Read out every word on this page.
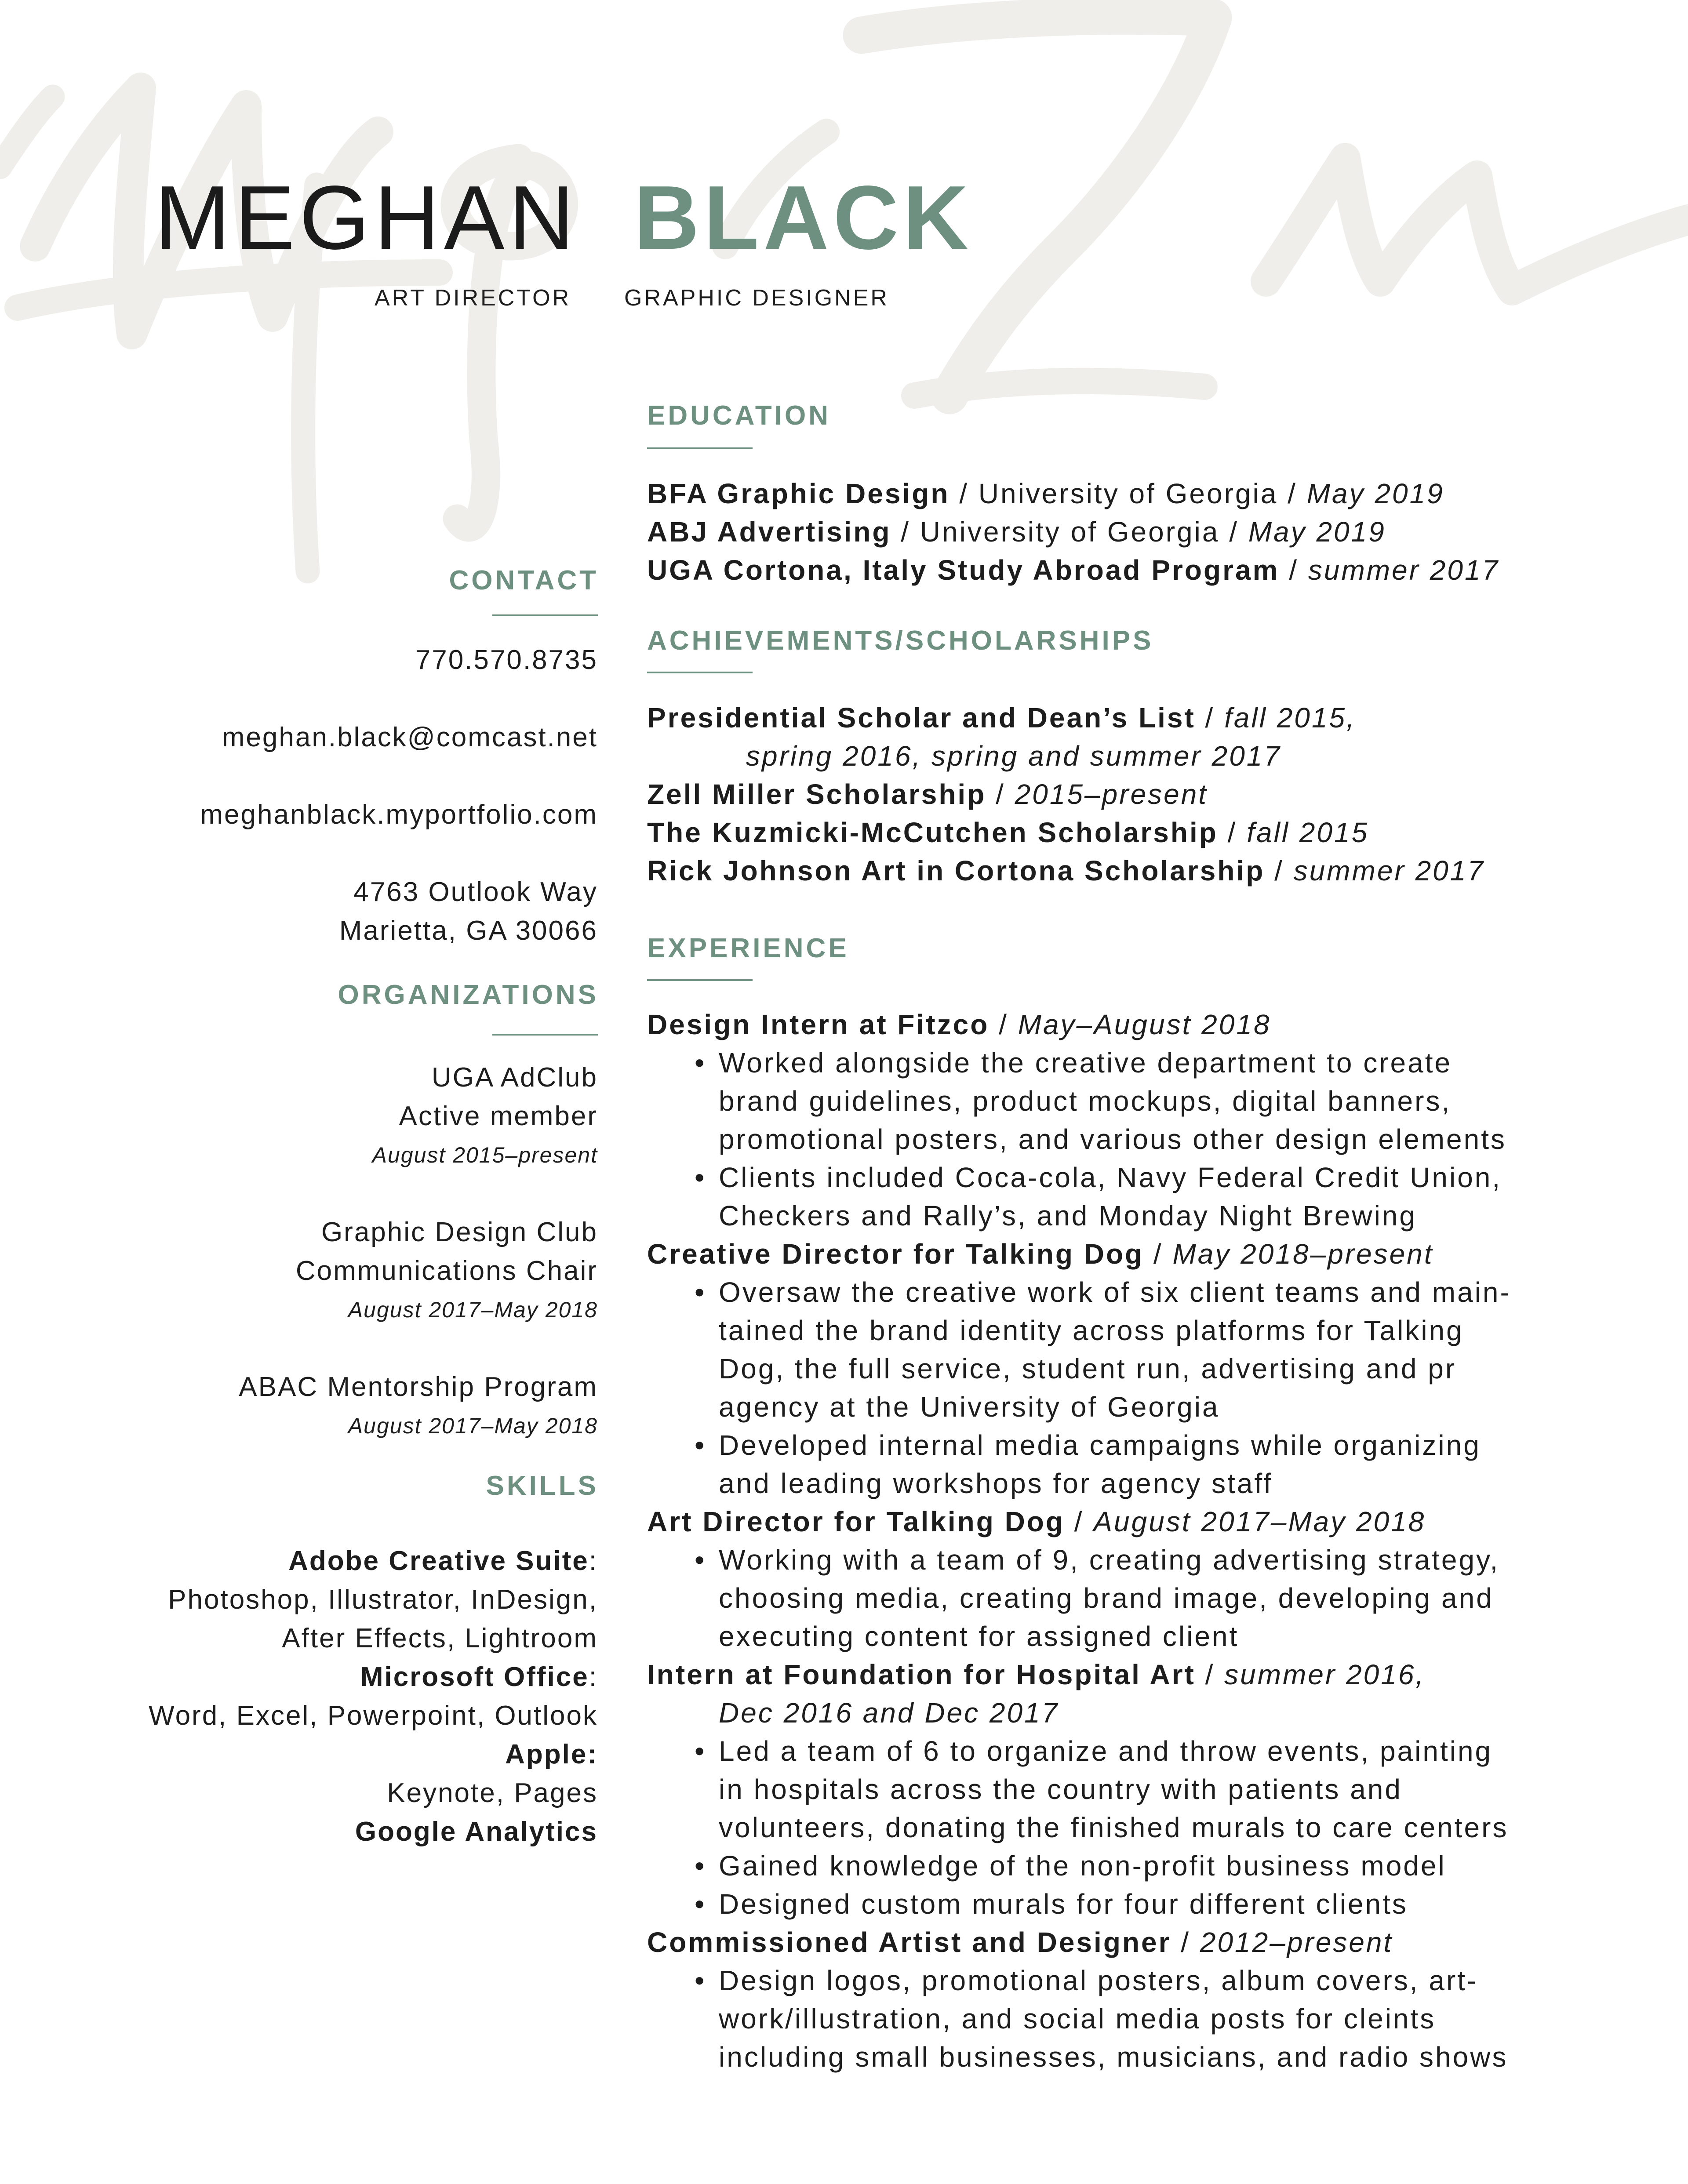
MEGHAN BLACK
ART DIRECTOR GRAPHIC DESIGNER
CONTACT
770.570.8735
meghan.black@comcast.net
meghanblack.myportfolio.com
4763 Outlook Way
Marietta, GA 30066
ORGANIZATIONS
UGA AdClub
Active member
August 2015–present
Graphic Design Club
Communications Chair
August 2017–May 2018
ABAC Mentorship Program
August 2017–May 2018
SKILLS
Adobe Creative Suite:
Photoshop, Illustrator, InDesign,
After Effects, Lightroom
Microsoft Office:
Word, Excel, Powerpoint, Outlook
Apple:
Keynote, Pages
Google Analytics
EDUCATION
BFA Graphic Design / University of Georgia / May 2019
ABJ Advertising / University of Georgia / May 2019
UGA Cortona, Italy Study Abroad Program / summer 2017
ACHIEVEMENTS/SCHOLARSHIPS
Presidential Scholar and Dean’s List / fall 2015,
spring 2016, spring and summer 2017
Zell Miller Scholarship / 2015–present
The Kuzmicki-McCutchen Scholarship / fall 2015
Rick Johnson Art in Cortona Scholarship / summer 2017
EXPERIENCE
Design Intern at Fitzco / May–August 2018
• Worked alongside the creative department to create
brand guidelines, product mockups, digital banners,
promotional posters, and various other design elements
• Clients included Coca-cola, Navy Federal Credit Union,
Checkers and Rally’s, and Monday Night Brewing
Creative Director for Talking Dog / May 2018–present
• Oversaw the creative work of six client teams and main-
tained the brand identity across platforms for Talking
Dog, the full service, student run, advertising and pr
agency at the University of Georgia
• Developed internal media campaigns while organizing
and leading workshops for agency staff
Art Director for Talking Dog / August 2017–May 2018
• Working with a team of 9, creating advertising strategy,
choosing media, creating brand image, developing and
executing content for assigned client
Intern at Foundation for Hospital Art / summer 2016,
Dec 2016 and Dec 2017
• Led a team of 6 to organize and throw events, painting
in hospitals across the country with patients and
volunteers, donating the finished murals to care centers
• Gained knowledge of the non-profit business model
• Designed custom murals for four different clients
Commissioned Artist and Designer / 2012–present
• Design logos, promotional posters, album covers, art-
work/illustration, and social media posts for cleints
including small businesses, musicians, and radio shows
